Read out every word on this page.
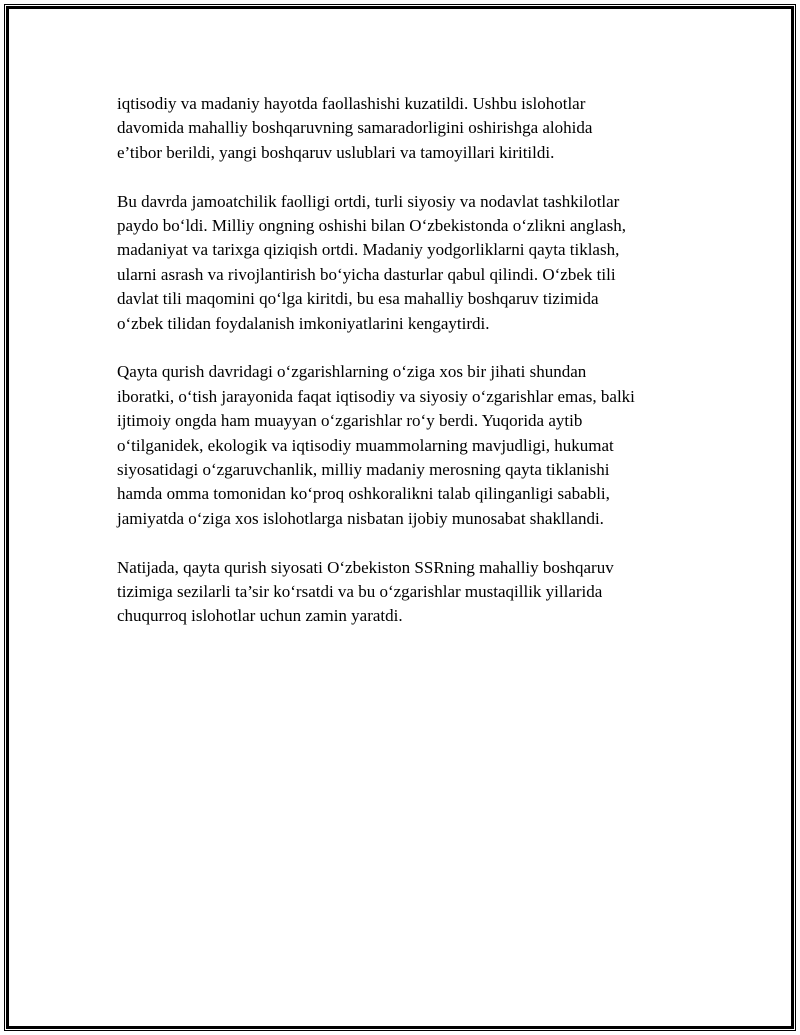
iqtisodiy va madaniy hayotda faollashishi kuzatildi. Ushbu islohotlar
davomida mahalliy boshqaruvning samaradorligini oshirishga alohida
e’tibor berildi, yangi boshqaruv uslublari va tamoyillari kiritildi.

Bu davrda jamoatchilik faolligi ortdi, turli siyosiy va nodavlat tashkilotlar
paydo bo‘ldi. Milliy ongning oshishi bilan O‘zbekistonda o‘zlikni anglash,
madaniyat va tarixga qiziqish ortdi. Madaniy yodgorliklarni qayta tiklash,
ularni asrash va rivojlantirish bo‘yicha dasturlar qabul qilindi. O‘zbek tili
davlat tili maqomini qo‘lga kiritdi, bu esa mahalliy boshqaruv tizimida
o‘zbek tilidan foydalanish imkoniyatlarini kengaytirdi.

Qayta qurish davridagi o‘zgarishlarning o‘ziga xos bir jihati shundan
iboratki, o‘tish jarayonida faqat iqtisodiy va siyosiy o‘zgarishlar emas, balki
ijtimoiy ongda ham muayyan o‘zgarishlar ro‘y berdi. Yuqorida aytib
o‘tilganidek, ekologik va iqtisodiy muammolarning mavjudligi, hukumat
siyosatidagi o‘zgaruvchanlik, milliy madaniy merosning qayta tiklanishi
hamda omma tomonidan ko‘proq oshkoralikni talab qilinganligi sababli,
jamiyatda o‘ziga xos islohotlarga nisbatan ijobiy munosabat shakllandi.

Natijada, qayta qurish siyosati O‘zbekiston SSRning mahalliy boshqaruv
tizimiga sezilarli ta’sir ko‘rsatdi va bu o‘zgarishlar mustaqillik yillarida
chuqurroq islohotlar uchun zamin yaratdi.
